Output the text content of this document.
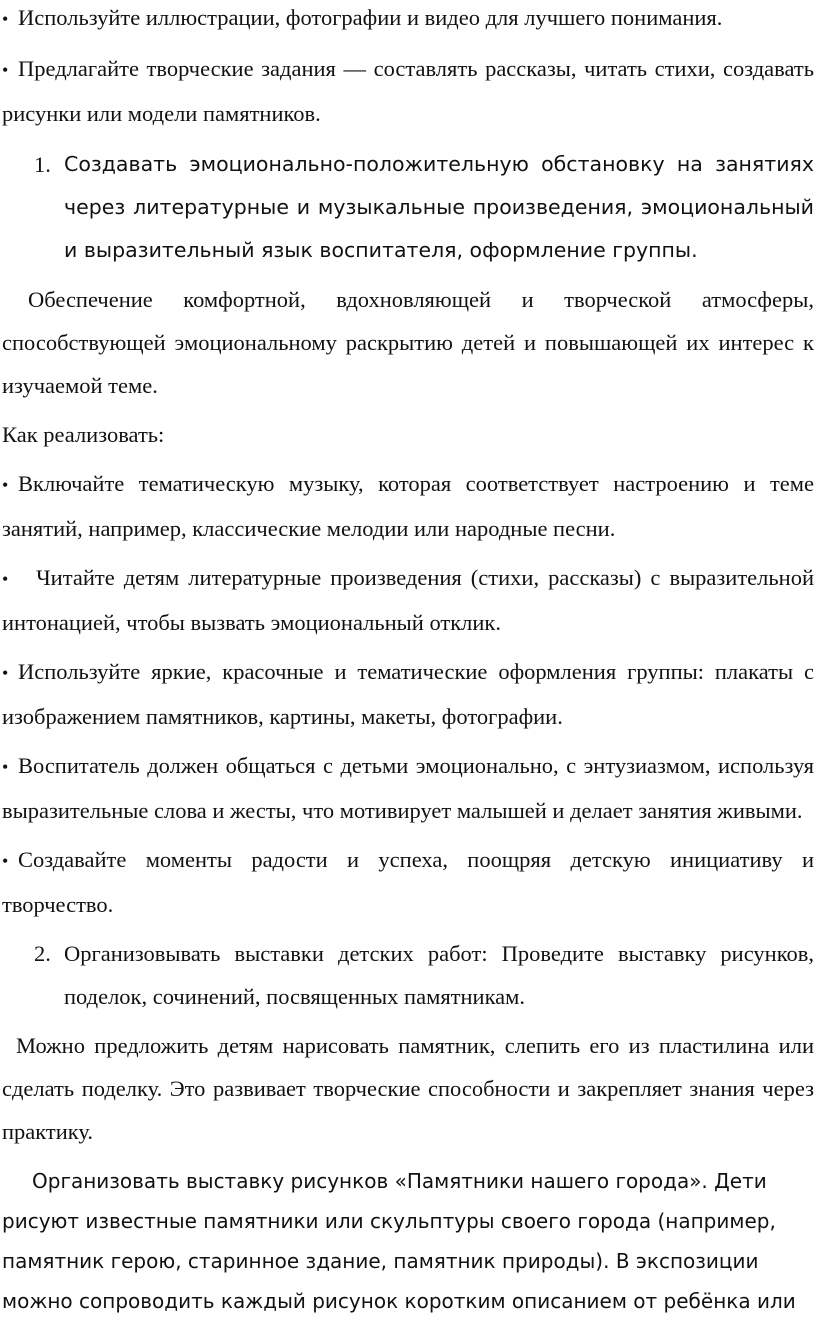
• Используйте иллюстрации, фотографии и видео для лучшего понимания.

• Предлагайте творческие задания — составлять рассказы, читать стихи, создавать рисунки или модели памятников.

1. Создавать эмоционально-положительную обстановку на занятиях через литературные и музыкальные произведения, эмоциональный и выразительный язык воспитателя, оформление группы.

Обеспечение комфортной, вдохновляющей и творческой атмосферы, способствующей эмоциональному раскрытию детей и повышающей их интерес к изучаемой теме.

Как реализовать:

• Включайте тематическую музыку, которая соответствует настроению и теме занятий, например, классические мелодии или народные песни.

• Читайте детям литературные произведения (стихи, рассказы) с выразительной интонацией, чтобы вызвать эмоциональный отклик.

• Используйте яркие, красочные и тематические оформления группы: плакаты с изображением памятников, картины, макеты, фотографии.

• Воспитатель должен общаться с детьми эмоционально, с энтузиазмом, используя выразительные слова и жесты, что мотивирует малышей и делает занятия живыми.

• Создавайте моменты радости и успеха, поощряя детскую инициативу и творчество.

2. Организовывать выставки детских работ: Проведите выставку рисунков, поделок, сочинений, посвященных памятникам.

Можно предложить детям нарисовать памятник, слепить его из пластилина или сделать поделку. Это развивает творческие способности и закрепляет знания через практику.

Организовать выставку рисунков «Памятники нашего города». Дети рисуют известные памятники или скульптуры своего города (например, памятник герою, старинное здание, памятник природы). В экспозиции можно сопроводить каждый рисунок коротким описанием от ребёнка или
